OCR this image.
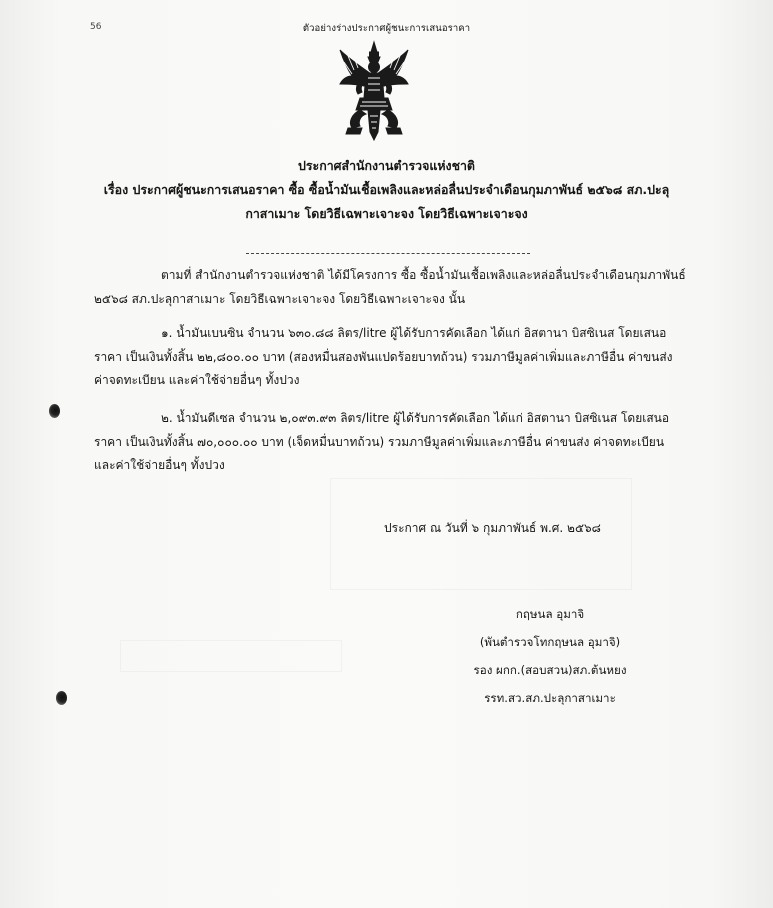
56	ตัวอย่างร่างประกาศผู้ชนะการเสนอราคา
ประกาศสำนักงานตำรวจแห่งชาติ
เรื่อง ประกาศผู้ชนะการเสนอราคา ซื้อ ซื้อน้ำมันเชื้อเพลิงและหล่อลื่นประจำเดือนกุมภาพันธ์ ๒๕๖๘ สภ.ปะลุ
กาสาเมาะ โดยวิธีเฉพาะเจาะจง โดยวิธีเฉพาะเจาะจง
ตามที่ สำนักงานตำรวจแห่งชาติ ได้มีโครงการ ซื้อ ซื้อน้ำมันเชื้อเพลิงและหล่อลื่นประจำเดือนกุมภาพันธ์
๒๕๖๘ สภ.ปะลุกาสาเมาะ โดยวิธีเฉพาะเจาะจง โดยวิธีเฉพาะเจาะจง นั้น
๑. น้ำมันเบนซิน จำนวน ๖๓๐.๘๘ ลิตร/litre ผู้ได้รับการคัดเลือก ได้แก่ อิสตานา บิสซิเนส โดยเสนอ
ราคา เป็นเงินทั้งสิ้น ๒๒,๘๐๐.๐๐ บาท (สองหมื่นสองพันแปดร้อยบาทถ้วน) รวมภาษีมูลค่าเพิ่มและภาษีอื่น ค่าขนส่ง
ค่าจดทะเบียน และค่าใช้จ่ายอื่นๆ ทั้งปวง
๒. น้ำมันดีเซล จำนวน ๒,๐๙๓.๙๓ ลิตร/litre ผู้ได้รับการคัดเลือก ได้แก่ อิสตานา บิสซิเนส โดยเสนอ
ราคา เป็นเงินทั้งสิ้น ๗๐,๐๐๐.๐๐ บาท (เจ็ดหมื่นบาทถ้วน) รวมภาษีมูลค่าเพิ่มและภาษีอื่น ค่าขนส่ง ค่าจดทะเบียน
และค่าใช้จ่ายอื่นๆ ทั้งปวง
ประกาศ ณ วันที่ ๖ กุมภาพันธ์ พ.ศ. ๒๕๖๘
กฤษนล อุมาจิ
(พันตำรวจโทกฤษนล อุมาจิ)
รอง ผกก.(สอบสวน)สภ.ต้นหยง
รรท.สว.สภ.ปะลุกาสาเมาะ
